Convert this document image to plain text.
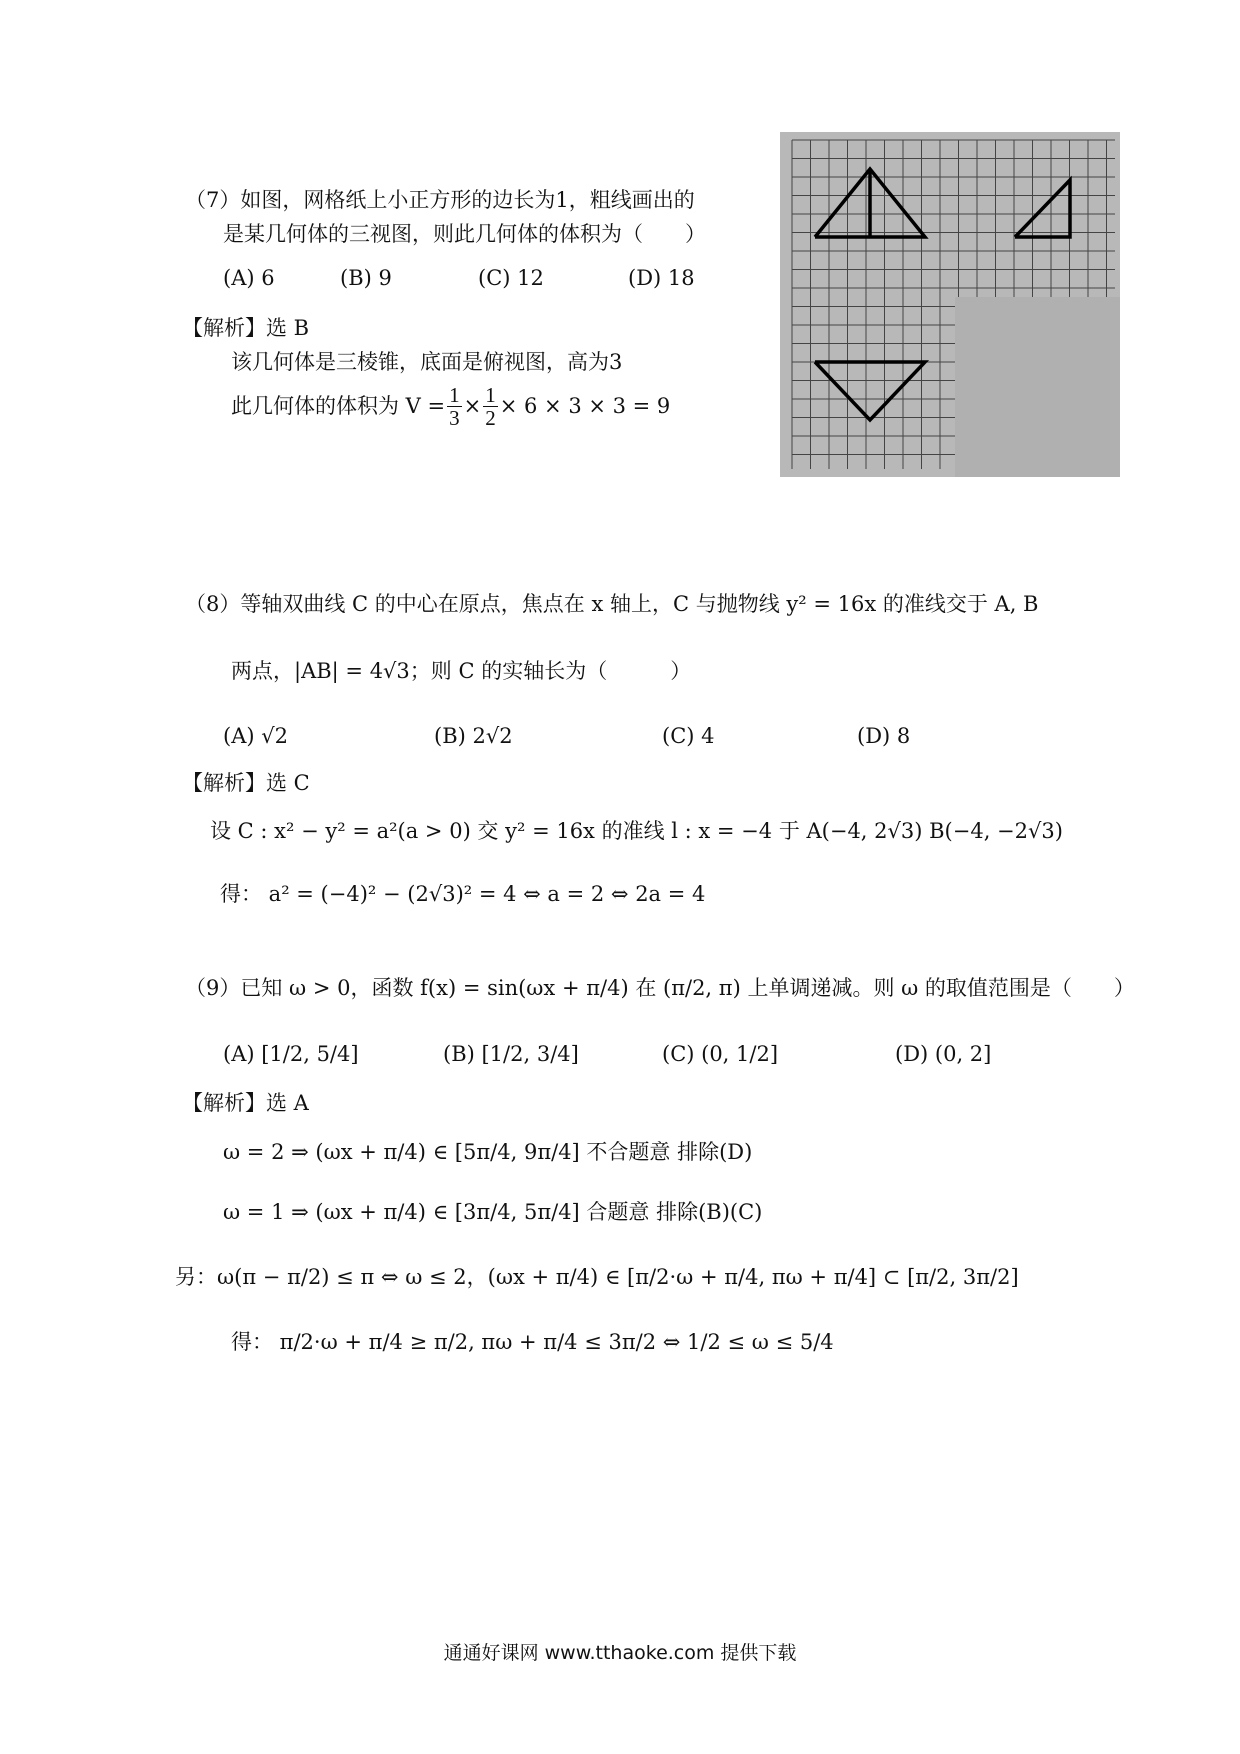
（7）如图，网格纸上小正方形的边长为1，粗线画出的
是某几何体的三视图，则此几何体的体积为（　　）
(A) 6	(B) 9	(C) 12	(D) 18
【解析】选 B
该几何体是三棱锥，底面是俯视图，高为3
此几何体的体积为 $V = \frac{1}{3} \times \frac{1}{2} \times 6 \times 3 \times 3 = 9$
（8）等轴双曲线 C 的中心在原点，焦点在 x 轴上，C 与抛物线 y² = 16x 的准线交于 A, B
两点，|AB| = 4√3；则 C 的实轴长为（　　　）
(A) √2	(B) 2√2	(C) 4	(D) 8
【解析】选 C
设 C : x² − y² = a²(a > 0) 交 y² = 16x 的准线 l : x = −4 于 A(−4, 2√3) B(−4, −2√3)
得： a² = (−4)² − (2√3)² = 4 ⇔ a = 2 ⇔ 2a = 4
（9）已知 ω > 0，函数 f(x) = sin(ωx + π/4) 在 (π/2, π) 上单调递减。则 ω 的取值范围是（　　）
(A) [1/2, 5/4]	(B) [1/2, 3/4]	(C) (0, 1/2]	(D) (0, 2]
【解析】选 A
ω = 2 ⇒ (ωx + π/4) ∈ [5π/4, 9π/4] 不合题意 排除(D)
ω = 1 ⇒ (ωx + π/4) ∈ [3π/4, 5π/4] 合题意 排除(B)(C)
另：ω(π − π/2) ≤ π ⇔ ω ≤ 2，(ωx + π/4) ∈ [π/2·ω + π/4, πω + π/4] ⊂ [π/2, 3π/2]
得： π/2·ω + π/4 ≥ π/2, πω + π/4 ≤ 3π/2 ⇔ 1/2 ≤ ω ≤ 5/4
通通好课网 www.tthaoke.com 提供下载
